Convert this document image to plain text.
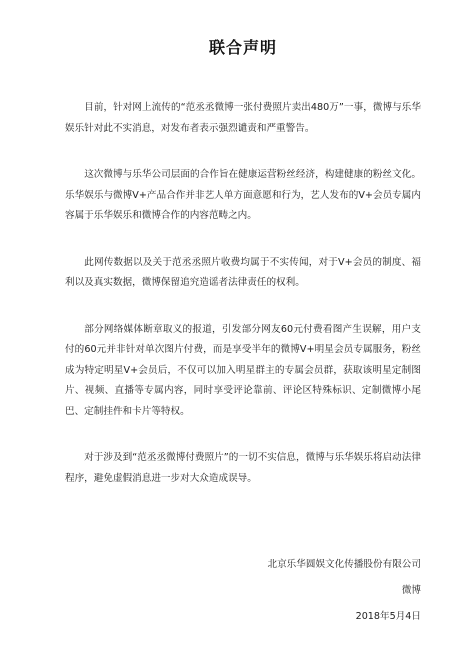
联合声明

目前，针对网上流传的“范丞丞微博一张付费照片卖出480万”一事，微博与乐华娱乐针对此不实消息，对发布者表示强烈谴责和严重警告。

这次微博与乐华公司层面的合作旨在健康运营粉丝经济，构建健康的粉丝文化。乐华娱乐与微博V+产品合作并非艺人单方面意愿和行为，艺人发布的V+会员专属内容属于乐华娱乐和微博合作的内容范畴之内。

此网传数据以及关于范丞丞照片收费均属于不实传闻，对于V+会员的制度、福利以及真实数据，微博保留追究造谣者法律责任的权利。

部分网络媒体断章取义的报道，引发部分网友60元付费看图产生误解，用户支付的60元并非针对单次图片付费，而是享受半年的微博V+明星会员专属服务，粉丝成为特定明星V+会员后，不仅可以加入明星群主的专属会员群，获取该明星定制图片、视频、直播等专属内容，同时享受评论靠前、评论区特殊标识、定制微博小尾巴、定制挂件和卡片等特权。

对于涉及到“范丞丞微博付费照片”的一切不实信息，微博与乐华娱乐将启动法律程序，避免虚假消息进一步对大众造成误导。

北京乐华圆娱文化传播股份有限公司
微博
2018年5月4日
